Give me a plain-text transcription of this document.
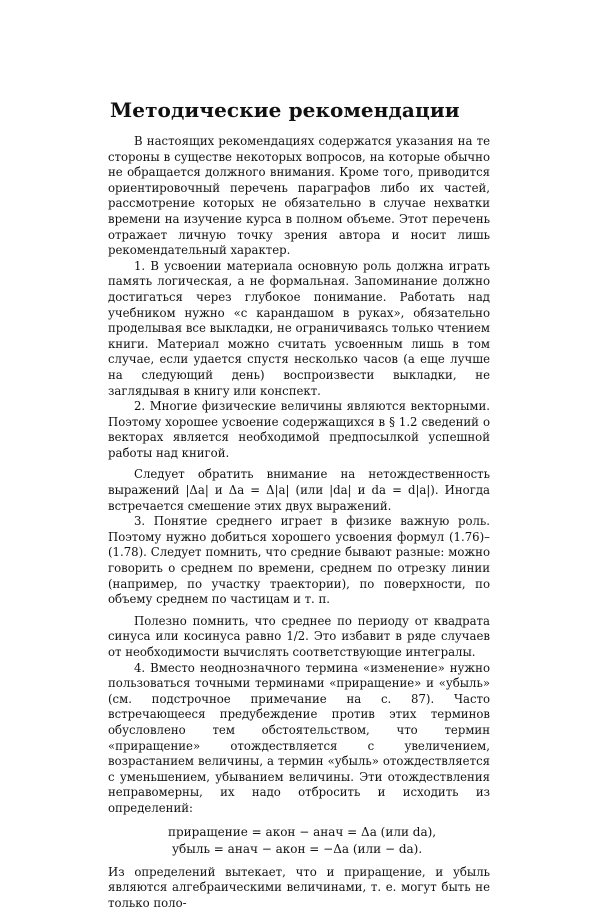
Методические рекомендации

В настоящих рекомендациях содержатся указания на те стороны в существе некоторых вопросов, на которые обычно не обращается должного внимания. Кроме того, приводится ориентировочный перечень параграфов либо их частей, рассмотрение которых не обязательно в случае нехватки времени на изучение курса в полном объеме. Этот перечень отражает личную точку зрения автора и носит лишь рекомендательный характер.

1. В усвоении материала основную роль должна играть память логическая, а не формальная. Запоминание должно достигаться через глубокое понимание. Работать над учебником нужно «с карандашом в руках», обязательно проделывая все выкладки, не ограничиваясь только чтением книги. Материал можно считать усвоенным лишь в том случае, если удается спустя несколько часов (а еще лучше на следующий день) воспроизвести выкладки, не заглядывая в книгу или конспект.

2. Многие физические величины являются векторными. Поэтому хорошее усвоение содержащихся в § 1.2 сведений о векторах является необходимой предпосылкой успешной работы над книгой.

Следует обратить внимание на нетождественность выражений |Δa| и Δa = Δ|a| (или |da| и da = d|a|). Иногда встречается смешение этих двух выражений.

3. Понятие среднего играет в физике важную роль. Поэтому нужно добиться хорошего усвоения формул (1.76)–(1.78). Следует помнить, что средние бывают разные: можно говорить о среднем по времени, среднем по отрезку линии (например, по участку траектории), по поверхности, по объему среднем по частицам и т. п.

Полезно помнить, что среднее по периоду от квадрата синуса или косинуса равно 1/2. Это избавит в ряде случаев от необходимости вычислять соответствующие интегралы.

4. Вместо неоднозначного термина «изменение» нужно пользоваться точными терминами «приращение» и «убыль» (см. подстрочное примечание на с. 87). Часто встречающееся предубеждение против этих терминов обусловлено тем обстоятельством, что термин «приращение» отождествляется с увеличением, возрастанием величины, а термин «убыль» отождествляется с уменьшением, убыванием величины. Эти отождествления неправомерны, их надо отбросить и исходить из определений:

приращение = aкон − aнач = Δa (или da),
убыль = aнач − aкон = −Δa (или − da).

Из определений вытекает, что и приращение, и убыль являются алгебраическими величинами, т. е. могут быть не только поло-
